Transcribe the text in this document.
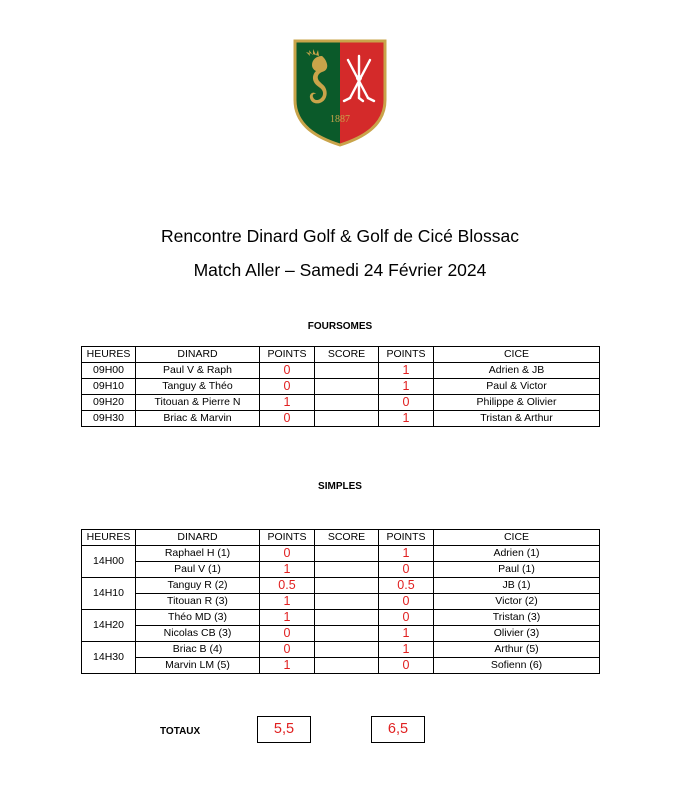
1887
Rencontre Dinard Golf & Golf de Cicé Blossac
Match Aller – Samedi 24 Février 2024
FOURSOMES
HEURES	DINARD	POINTS	SCORE	POINTS	CICE
09H00	Paul V & Raph	0		1	Adrien & JB
09H10	Tanguy & Théo	0		1	Paul & Victor
09H20	Titouan & Pierre N	1		0	Philippe & Olivier
09H30	Briac & Marvin	0		1	Tristan & Arthur
SIMPLES
HEURES	DINARD	POINTS	SCORE	POINTS	CICE
14H00	Raphael H (1)	0		1	Adrien (1)
	Paul V (1)	1		0	Paul (1)
14H10	Tanguy R (2)	0.5		0.5	JB (1)
	Titouan R (3)	1		0	Victor (2)
14H20	Théo MD (3)	1		0	Tristan (3)
	Nicolas CB (3)	0		1	Olivier (3)
14H30	Briac B (4)	0		1	Arthur (5)
	Marvin LM (5)	1		0	Sofienn (6)
TOTAUX	5,5	6,5
